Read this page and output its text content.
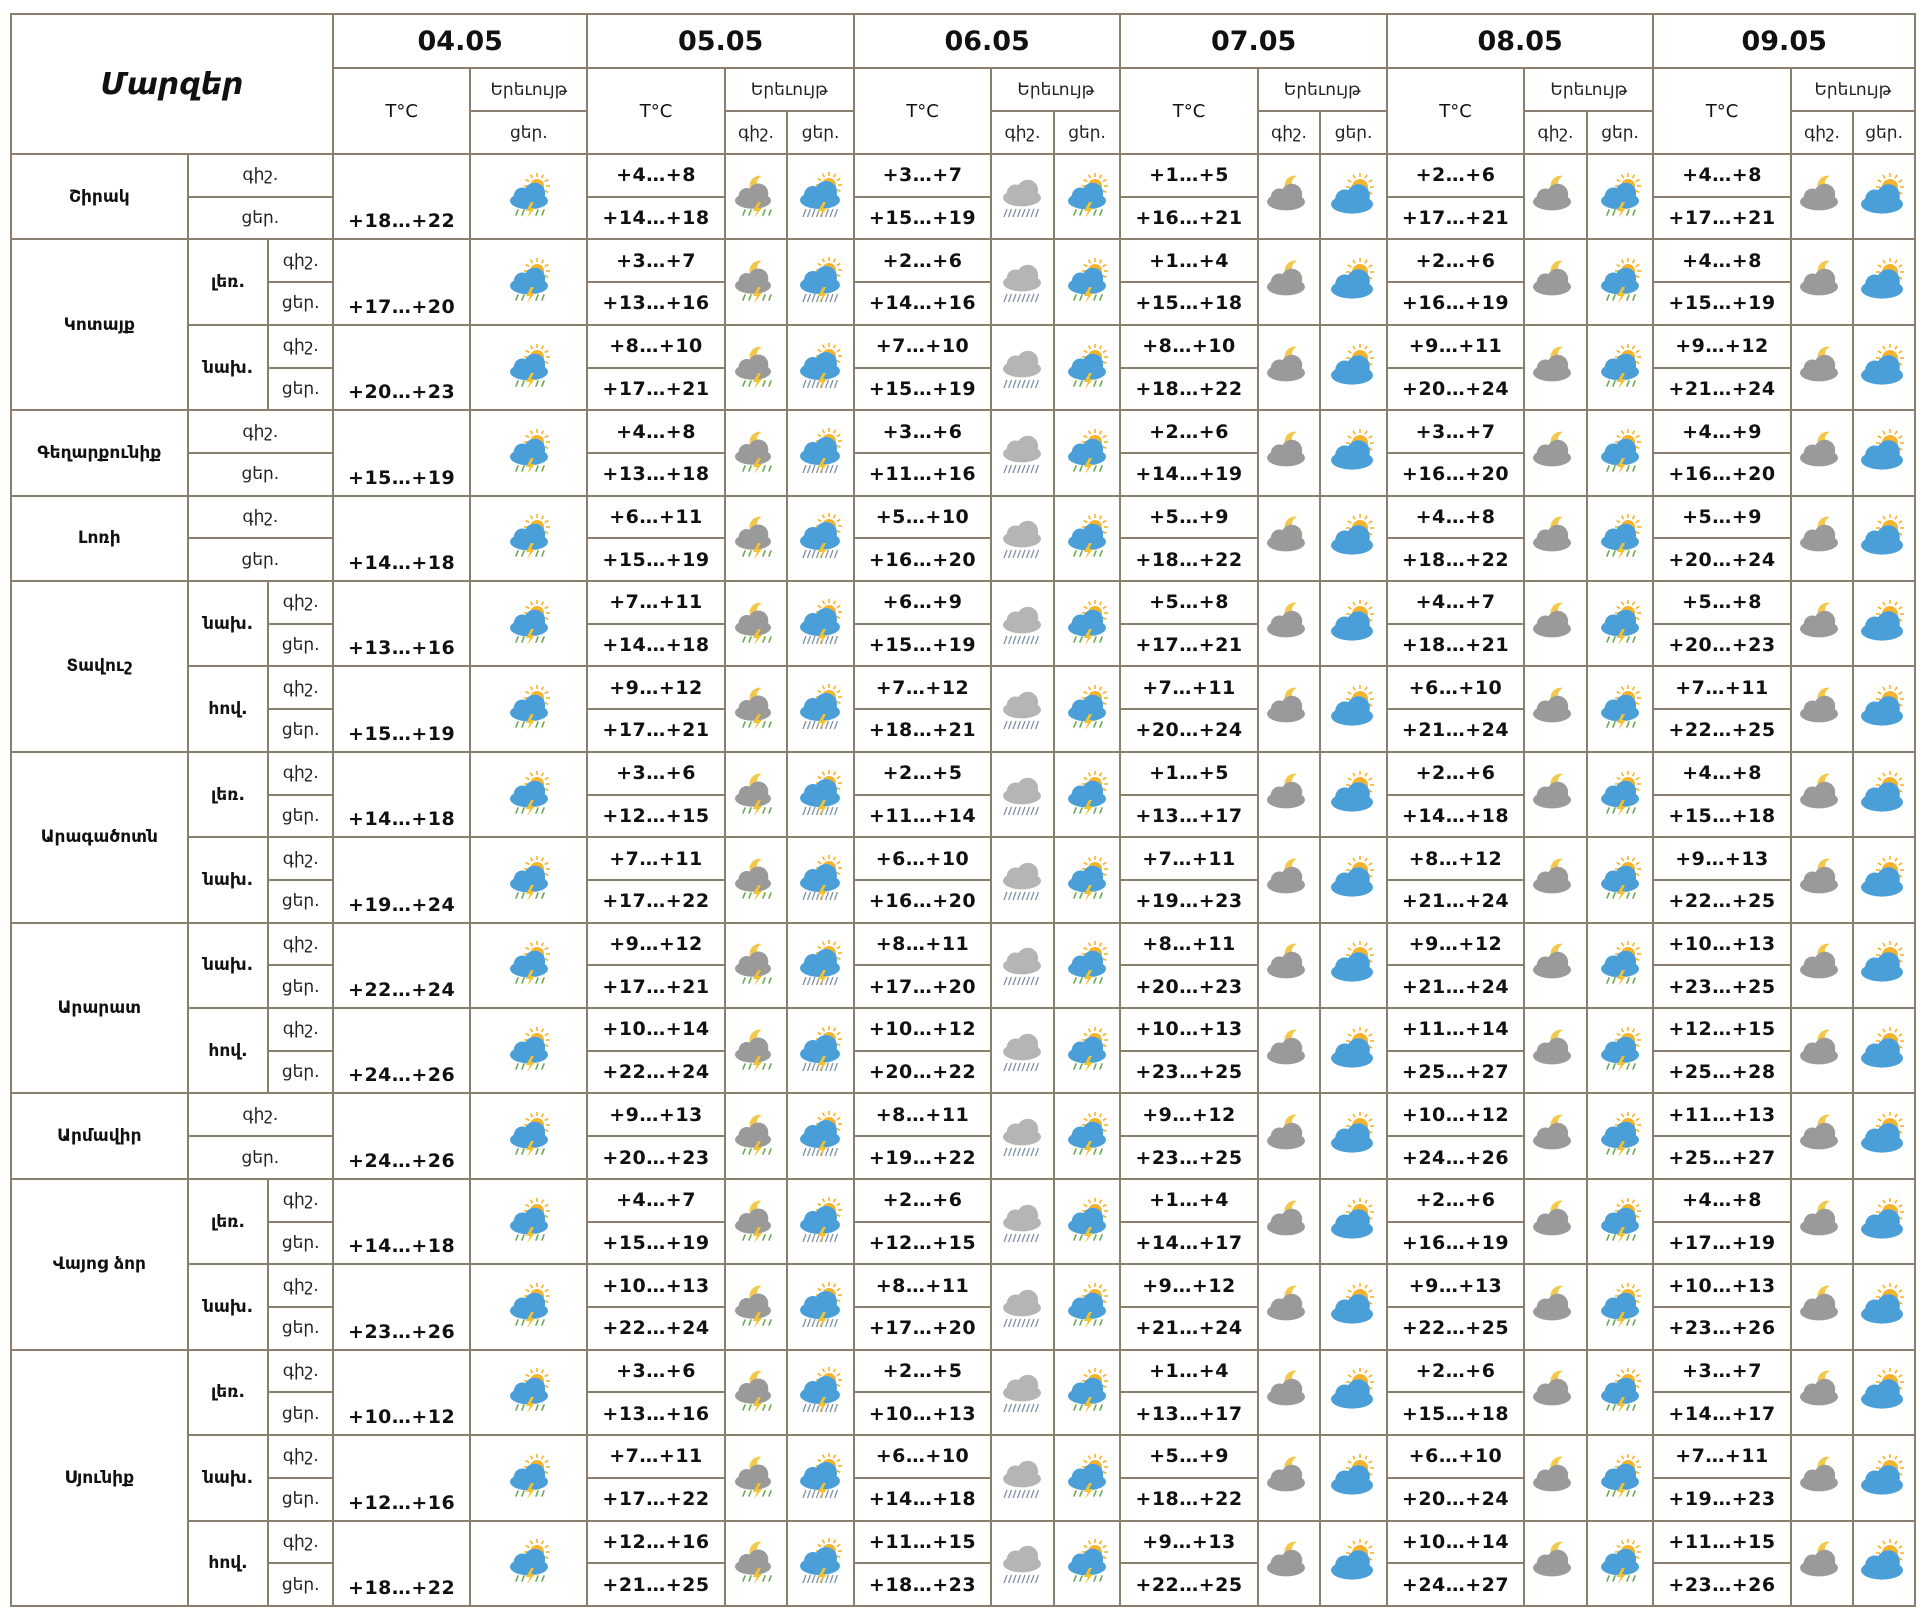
Մարզեր			04.05		05.05			06.05			07.05			08.05			09.05		
			T°C	Երեւույթ	T°C	Երեւույթ		T°C	Երեւույթ		T°C	Երեւույթ		T°C	Երեւույթ		T°C	Երեւույթ	
				ցեր.		գիշ.	ցեր.		գիշ.	ցեր.		գիշ.	ցեր.		գիշ.	ցեր.		գիշ.	ցեր.
Շիրակ	գիշ.		+18…+22		+4…+8			+3…+7			+1…+5			+2…+6			+4…+8	

	ցեր.				+14…+18			+15…+19			+16…+21			+17…+21			+17…+21		
Կոտայք	լեռ.	գիշ.	+17…+20		+3…+7			+2…+6			+1…+4			+2…+6			+4…+8	

		ցեր.			+13…+16			+14…+16			+15…+18			+16…+19			+15…+19		
	նախ.	գիշ.	+20…+23		+8…+10			+7…+10			+8…+10			+9…+11			+9…+12	

		ցեր.			+17…+21			+15…+19			+18…+22			+20…+24			+21…+24		
Գեղարքունիք	գիշ.		+15…+19		+4…+8			+3…+6			+2…+6			+3…+7			+4…+9	

	ցեր.				+13…+18			+11…+16			+14…+19			+16…+20			+16…+20		
Լոռի	գիշ.		+14…+18		+6…+11			+5…+10			+5…+9			+4…+8			+5…+9	

	ցեր.				+15…+19			+16…+20			+18…+22			+18…+22			+20…+24		
Տավուշ	նախ.	գիշ.	+13…+16		+7…+11			+6…+9			+5…+8			+4…+7			+5…+8	

		ցեր.			+14…+18			+15…+19			+17…+21			+18…+21			+20…+23		
	հով.	գիշ.	+15…+19		+9…+12			+7…+12			+7…+11			+6…+10			+7…+11	

		ցեր.			+17…+21			+18…+21			+20…+24			+21…+24			+22…+25		
Արագածոտն	լեռ.	գիշ.	+14…+18		+3…+6			+2…+5			+1…+5			+2…+6			+4…+8	

		ցեր.			+12…+15			+11…+14			+13…+17			+14…+18			+15…+18		
	նախ.	գիշ.	+19…+24		+7…+11			+6…+10			+7…+11			+8…+12			+9…+13	

		ցեր.			+17…+22			+16…+20			+19…+23			+21…+24			+22…+25		
Արարատ	նախ.	գիշ.	+22…+24		+9…+12			+8…+11			+8…+11			+9…+12			+10…+13	

		ցեր.			+17…+21			+17…+20			+20…+23			+21…+24			+23…+25		
	հով.	գիշ.	+24…+26		+10…+14			+10…+12			+10…+13			+11…+14			+12…+15	

		ցեր.			+22…+24			+20…+22			+23…+25			+25…+27			+25…+28		
Արմավիր	գիշ.		+24…+26		+9…+13			+8…+11			+9…+12			+10…+12			+11…+13	

	ցեր.				+20…+23			+19…+22			+23…+25			+24…+26			+25…+27		
Վայոց ձոր	լեռ.	գիշ.	+14…+18		+4…+7			+2…+6			+1…+4			+2…+6			+4…+8	

		ցեր.			+15…+19			+12…+15			+14…+17			+16…+19			+17…+19		
	նախ.	գիշ.	+23…+26		+10…+13			+8…+11			+9…+12			+9…+13			+10…+13	

		ցեր.			+22…+24			+17…+20			+21…+24			+22…+25			+23…+26		
Սյունիք	լեռ.	գիշ.	+10…+12		+3…+6			+2…+5			+1…+4			+2…+6			+3…+7	

		ցեր.			+13…+16			+10…+13			+13…+17			+15…+18			+14…+17		
	նախ.	գիշ.	+12…+16		+7…+11			+6…+10			+5…+9			+6…+10			+7…+11	

		ցեր.			+17…+22			+14…+18			+18…+22			+20…+24			+19…+23		
	հով.	գիշ.	+18…+22		+12…+16			+11…+15			+9…+13			+10…+14			+11…+15	

		ցեր.			+21…+25			+18…+23			+22…+25			+24…+27			+23…+26		
